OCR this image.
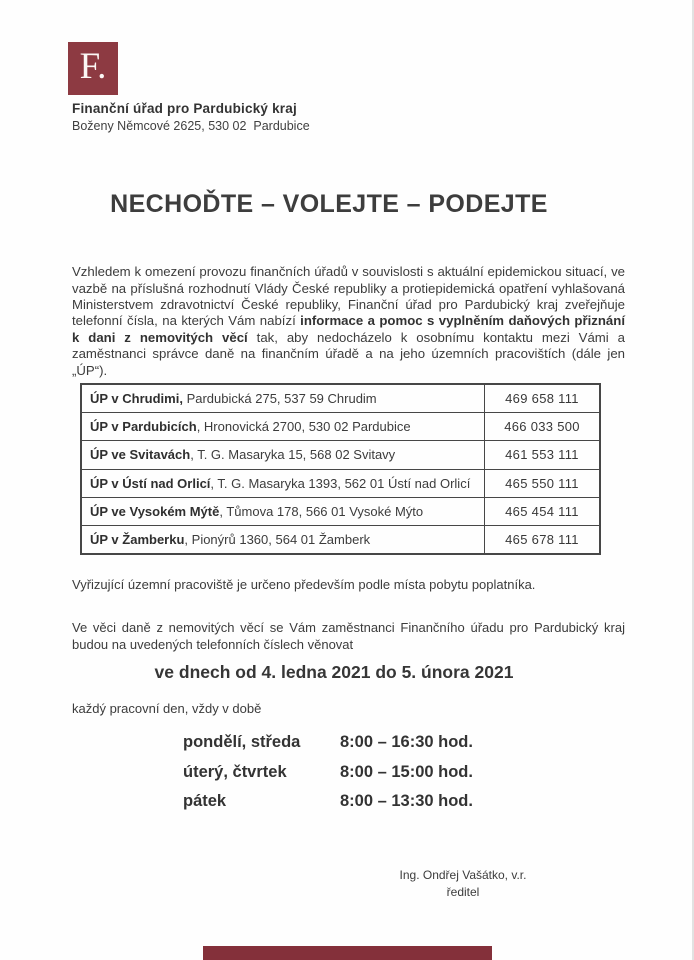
F.
Finanční úřad pro Pardubický kraj
Boženy Němcové 2625, 530 02  Pardubice
NECHOĎTE – VOLEJTE – PODEJTE

Vzhledem k omezení provozu finančních úřadů v souvislosti s aktuální epidemickou situací, ve vazbě na příslušná rozhodnutí Vlády České republiky a protiepidemická opatření vyhlašovaná Ministerstvem zdravotnictví České republiky, Finanční úřad pro Pardubický kraj zveřejňuje telefonní čísla, na kterých Vám nabízí informace a pomoc s vyplněním daňových přiznání k dani z nemovitých věcí tak, aby nedocházelo k osobnímu kontaktu mezi Vámi a zaměstnanci správce daně na finančním úřadě a na jeho územních pracovištích (dále jen „ÚP“).

ÚP v Chrudimi, Pardubická 275, 537 59 Chrudim	469 658 111
ÚP v Pardubicích , Hronovická 2700, 530 02 Pardubice	466 033 500
ÚP ve Svitavách , T. G. Masaryka 15, 568 02 Svitavy	461 553 111
ÚP v Ústí nad Orlicí , T. G. Masaryka 1393, 562 01 Ústí nad Orlicí	465 550 111
ÚP ve Vysokém Mýtě , Tůmova 178, 566 01 Vysoké Mýto	465 454 111
ÚP v Žamberku , Pionýrů 1360, 564 01 Žamberk	465 678 111
Vyřizující územní pracoviště je určeno především podle místa pobytu poplatníka.
Ve věci daně z nemovitých věcí se Vám zaměstnanci Finančního úřadu pro Pardubický kraj budou na uvedených telefonních číslech věnovat
ve dnech od 4. ledna 2021 do 5. února 2021
každý pracovní den, vždy v době
pondělí, středa	8:00 – 16:30 hod.
úterý, čtvrtek	8:00 – 15:00 hod.
pátek	8:00 – 13:30 hod.
Ing. Ondřej Vašátko, v.r.
ředitel
